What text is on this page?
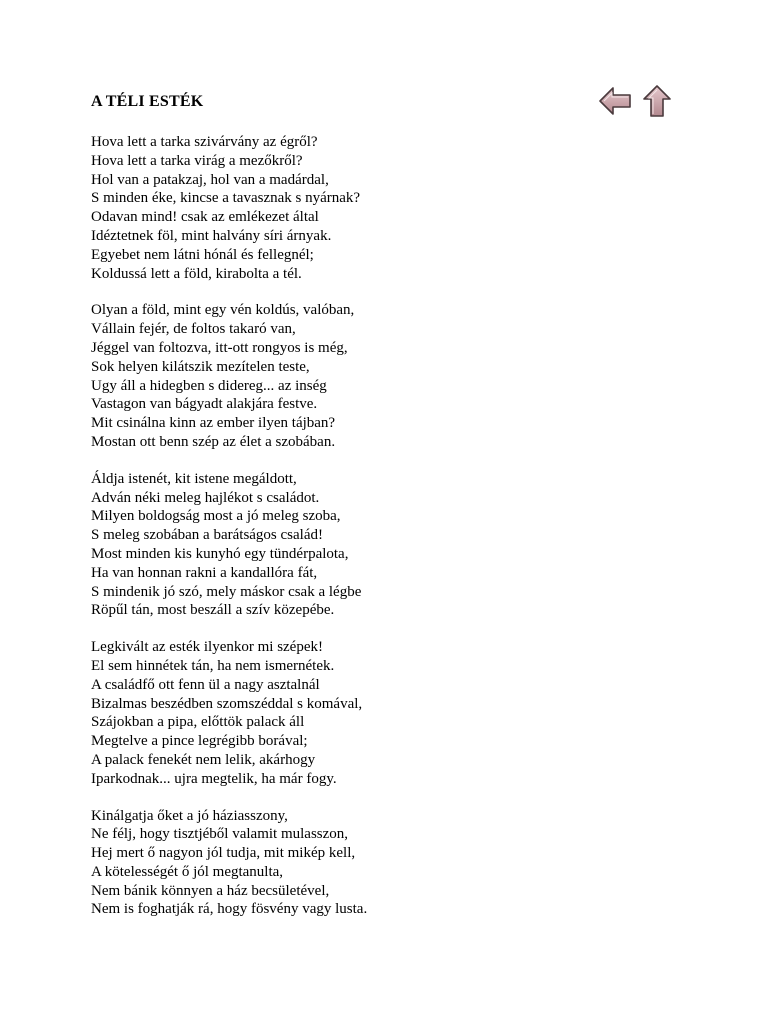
A TÉLI ESTÉK
Hova lett a tarka szivárvány az égről?
Hova lett a tarka virág a mezőkről?
Hol van a patakzaj, hol van a madárdal,
S minden éke, kincse a tavasznak s nyárnak?
Odavan mind! csak az emlékezet által
Idéztetnek föl, mint halvány síri árnyak.
Egyebet nem látni hónál és fellegnél;
Koldussá lett a föld, kirabolta a tél.
Olyan a föld, mint egy vén koldús, valóban,
Vállain fejér, de foltos takaró van,
Jéggel van foltozva, itt-ott rongyos is még,
Sok helyen kilátszik mezítelen teste,
Ugy áll a hidegben s didereg... az inség
Vastagon van bágyadt alakjára festve.
Mit csinálna kinn az ember ilyen tájban?
Mostan ott benn szép az élet a szobában.
Áldja istenét, kit istene megáldott,
Adván néki meleg hajlékot s családot.
Milyen boldogság most a jó meleg szoba,
S meleg szobában a barátságos család!
Most minden kis kunyhó egy tündérpalota,
Ha van honnan rakni a kandallóra fát,
S mindenik jó szó, mely máskor csak a légbe
Röpűl tán, most beszáll a szív közepébe.
Legkivált az esték ilyenkor mi szépek!
El sem hinnétek tán, ha nem ismernétek.
A családfő ott fenn ül a nagy asztalnál
Bizalmas beszédben szomszéddal s komával,
Szájokban a pipa, előttök palack áll
Megtelve a pince legrégibb borával;
A palack fenekét nem lelik, akárhogy
Iparkodnak... ujra megtelik, ha már fogy.
Kinálgatja őket a jó háziasszony,
Ne félj, hogy tisztjéből valamit mulasszon,
Hej mert ő nagyon jól tudja, mit mikép kell,
A kötelességét ő jól megtanulta,
Nem bánik könnyen a ház becsületével,
Nem is foghatják rá, hogy fösvény vagy lusta.
